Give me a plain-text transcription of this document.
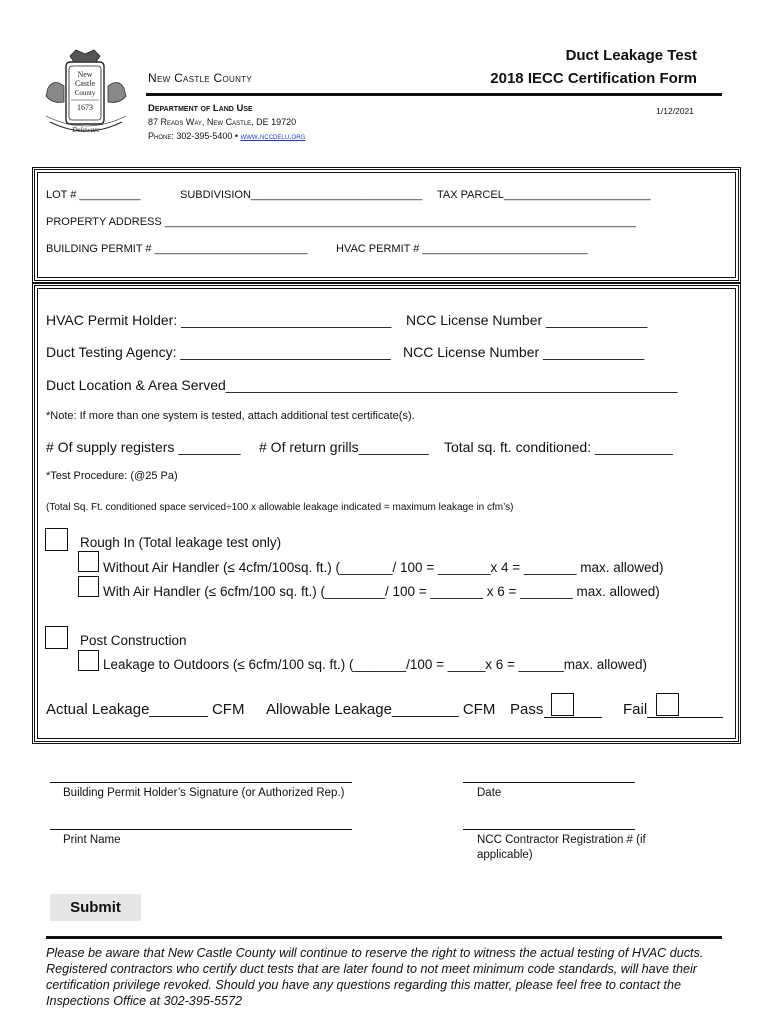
New
Castle
County
1673
Delaware
New Castle County
Duct Leakage Test
2018 IECC Certification Form
Department of Land Use	1/12/2021
87 Reads Way, New Castle, DE 19720
Phone: 302-395-5400 • www.nccdelu.org
LOT # __________	SUBDIVISION____________________________ TAX PARCEL________________________
PROPERTY ADDRESS _____________________________________________________________________________
BUILDING PERMIT # _________________________	HVAC PERMIT # ___________________________
HVAC Permit Holder: ___________________________ NCC License Number _____________
Duct Testing Agency: ___________________________ NCC License Number _____________
Duct Location & Area Served__________________________________________________________
*Note: If more than one system is tested, attach additional test certificate(s).
# Of supply registers ________ # Of return grills_________ Total sq. ft. conditioned: __________
*Test Procedure: (@25 Pa)
(Total Sq. Ft. conditioned space serviced÷100 x allowable leakage indicated = maximum leakage in cfm’s)
Rough In (Total leakage test only)
Without Air Handler (≤ 4cfm/100sq. ft.) (_______/ 100 = _______x 4 = _______ max. allowed)
With Air Handler (≤ 6cfm/100 sq. ft.) (________/ 100 = _______ x 6 = _______ max. allowed)
Post Construction
Leakage to Outdoors (≤ 6cfm/100 sq. ft.) (_______/100 = _____x 6 = ______max. allowed)
Actual Leakage_______ CFM Allowable Leakage________ CFM Pass	Fail
Building Permit Holder’s Signature (or Authorized Rep.)	Date
Print Name	NCC Contractor Registration # (if
applicable)
Submit
Please be aware that New Castle County will continue to reserve the right to witness the actual testing of HVAC ducts. Registered contractors who certify duct tests that are later found to not meet minimum code standards, will have their certification privilege revoked. Should you have any questions regarding this matter, please feel free to contact the Inspections Office at 302-395-5572
